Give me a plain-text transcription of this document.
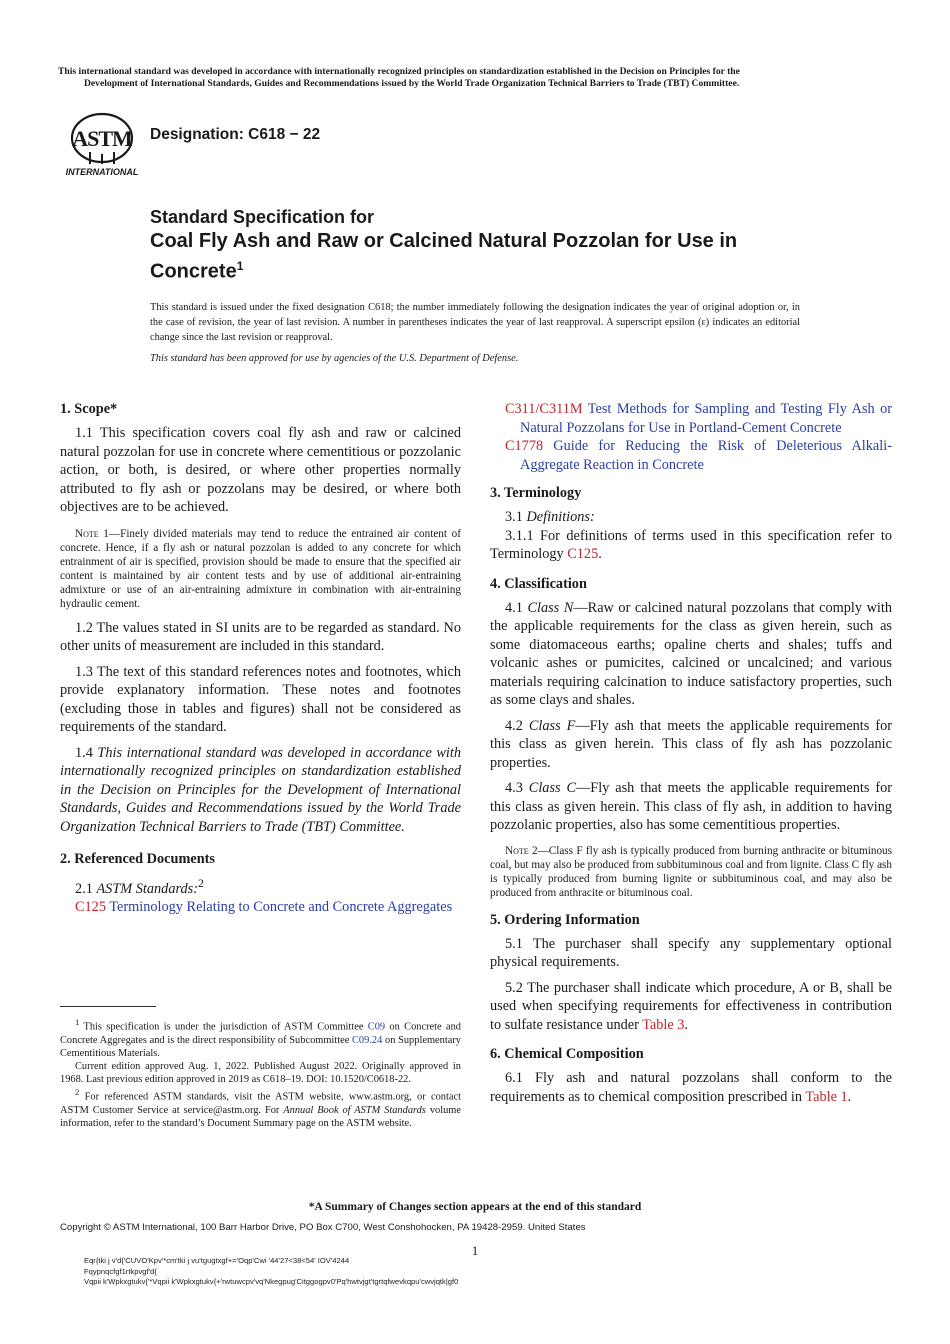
This international standard was developed in accordance with internationally recognized principles on standardization established in the Decision on Principles for the
Development of International Standards, Guides and Recommendations issued by the World Trade Organization Technical Barriers to Trade (TBT) Committee.
ASTM
INTERNATIONAL
Designation: C618 − 22
Standard Specification for
Coal Fly Ash and Raw or Calcined Natural Pozzolan for Use in Concrete$^1$
This standard is issued under the fixed designation C618; the number immediately following the designation indicates the year of original adoption or, in the case of revision, the year of last revision. A number in parentheses indicates the year of last reapproval. A superscript epsilon (ε) indicates an editorial change since the last revision or reapproval.
This standard has been approved for use by agencies of the U.S. Department of Defense.
1. Scope*

1.1 This specification covers coal fly ash and raw or calcined natural pozzolan for use in concrete where cementitious or pozzolanic action, or both, is desired, or where other properties normally attributed to fly ash or pozzolans may be desired, or where both objectives are to be achieved.

Note 1—Finely divided materials may tend to reduce the entrained air content of concrete. Hence, if a fly ash or natural pozzolan is added to any concrete for which entrainment of air is specified, provision should be made to ensure that the specified air content is maintained by air content tests and by use of additional air-entraining admixture or use of an air-entraining admixture in combination with air-entraining hydraulic cement.

1.2 The values stated in SI units are to be regarded as standard. No other units of measurement are included in this standard.

1.3 The text of this standard references notes and footnotes, which provide explanatory information. These notes and footnotes (excluding those in tables and figures) shall not be considered as requirements of the standard.

1.4 This international standard was developed in accordance with internationally recognized principles on standardization established in the Decision on Principles for the Development of International Standards, Guides and Recommendations issued by the World Trade Organization Technical Barriers to Trade (TBT) Committee.

2. Referenced Documents

2.1 ASTM Standards:$^2$

C125 Terminology Relating to Concrete and Concrete Aggregates

C311/C311M Test Methods for Sampling and Testing Fly Ash or Natural Pozzolans for Use in Portland-Cement Concrete

C1778 Guide for Reducing the Risk of Deleterious Alkali-Aggregate Reaction in Concrete

3. Terminology

3.1 Definitions:

3.1.1 For definitions of terms used in this specification refer to Terminology C125.

4. Classification

4.1 Class N—Raw or calcined natural pozzolans that comply with the applicable requirements for the class as given herein, such as some diatomaceous earths; opaline cherts and shales; tuffs and volcanic ashes or pumicites, calcined or uncalcined; and various materials requiring calcination to induce satisfactory properties, such as some clays and shales.

4.2 Class F—Fly ash that meets the applicable requirements for this class as given herein. This class of fly ash has pozzolanic properties.

4.3 Class C—Fly ash that meets the applicable requirements for this class as given herein. This class of fly ash, in addition to having pozzolanic properties, also has some cementitious properties.

Note 2—Class F fly ash is typically produced from burning anthracite or bituminous coal, but may also be produced from subbituminous coal and from lignite. Class C fly ash is typically produced from burning lignite or subbituminous coal, and may also be produced from anthracite or bituminous coal.

5. Ordering Information

5.1 The purchaser shall specify any supplementary optional physical requirements.

5.2 The purchaser shall indicate which procedure, A or B, shall be used when specifying requirements for effectiveness in contribution to sulfate resistance under Table 3.

6. Chemical Composition

6.1 Fly ash and natural pozzolans shall conform to the requirements as to chemical composition prescribed in Table 1.

$^1$ This specification is under the jurisdiction of ASTM Committee C09 on Concrete and Concrete Aggregates and is the direct responsibility of Subcommittee C09.24 on Supplementary Cementitious Materials.

Current edition approved Aug. 1, 2022. Published August 2022. Originally approved in 1968. Last previous edition approved in 2019 as C618–19. DOI: 10.1520/C0618-22.

$^2$ For referenced ASTM standards, visit the ASTM website, www.astm.org, or contact ASTM Customer Service at service@astm.org. For Annual Book of ASTM Standards volume information, refer to the standard’s Document Summary page on the ASTM website.

*A Summary of Changes section appears at the end of this standard
Copyright © ASTM International, 100 Barr Harbor Drive, PO Box C700, West Conshohocken, PA 19428-2959. United States
1
Eqr{tki j v'd{'CUVO'Kpv'*cm'tki j vu'tgugtxgf+='Oqp'Cwi '44'27<38<54' IOV'4244
Fqypnqcfgf1rtkpvgf'd{
Vqpii k'Wpkxgtukv{'*Vqpii k'Wpkxgtukv{+'rwtuwcpv'vq'Nkegpug'Citggogpv0'Pq'hwtvjgt'tgrtqfwevkqpu'cwvjqtk|gf0
